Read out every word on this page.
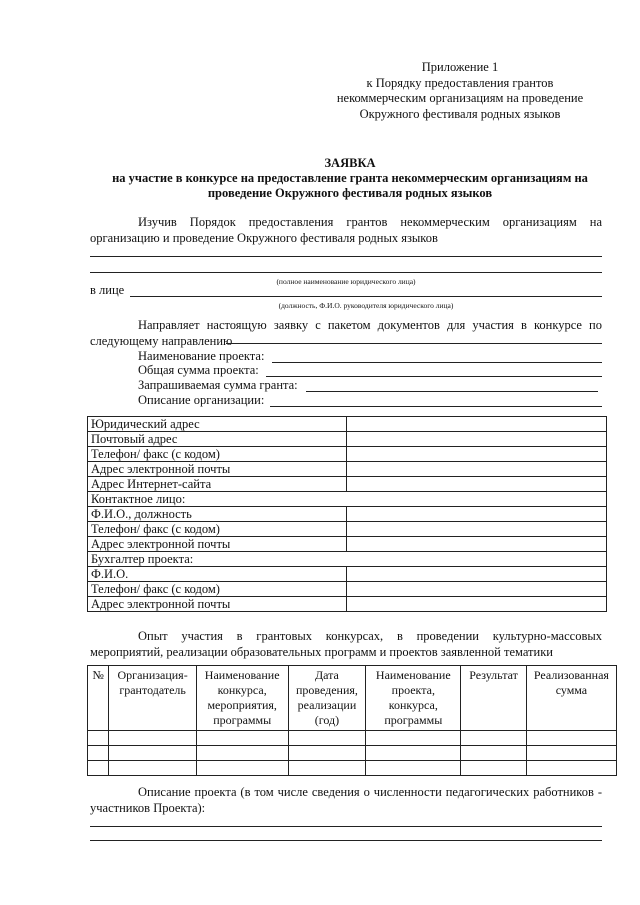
Приложение 1
к Порядку предоставления грантов
некоммерческим организациям на проведение
Окружного фестиваля родных языков
ЗАЯВКА
на участие в конкурсе на предоставление гранта некоммерческим организациям на
проведение Окружного фестиваля родных языков
Изучив Порядок предоставления грантов некоммерческим организациям на организацию и проведение Окружного фестиваля родных языков
(полное наименование юридического лица)
в лице
(должность, Ф.И.О. руководителя юридического лица)
Направляет настоящую заявку с пакетом документов для участия в конкурсе по следующему направлению
Наименование проекта:
Общая сумма проекта:
Запрашиваемая сумма гранта:
Описание организации:
Юридический адрес	
Почтовый адрес	
Телефон/ факс (с кодом)	
Адрес электронной почты	
Адрес Интернет-сайта	
Контактное лицо:	
Ф.И.О., должность	
Телефон/ факс (с кодом)	
Адрес электронной почты	
Бухгалтер проекта:	
Ф.И.О.	
Телефон/ факс (с кодом)	
Адрес электронной почты	
Опыт участия в грантовых конкурсах, в проведении культурно-массовых мероприятий, реализации образовательных программ и проектов заявленной тематики
№	Организация-грантодатель	Наименование конкурса, мероприятия, программы	Дата проведения, реализации (год)	Наименование проекта, конкурса, программы	Результат	Реализованная сумма

Описание проекта (в том числе сведения о численности педагогических работников - участников Проекта):
